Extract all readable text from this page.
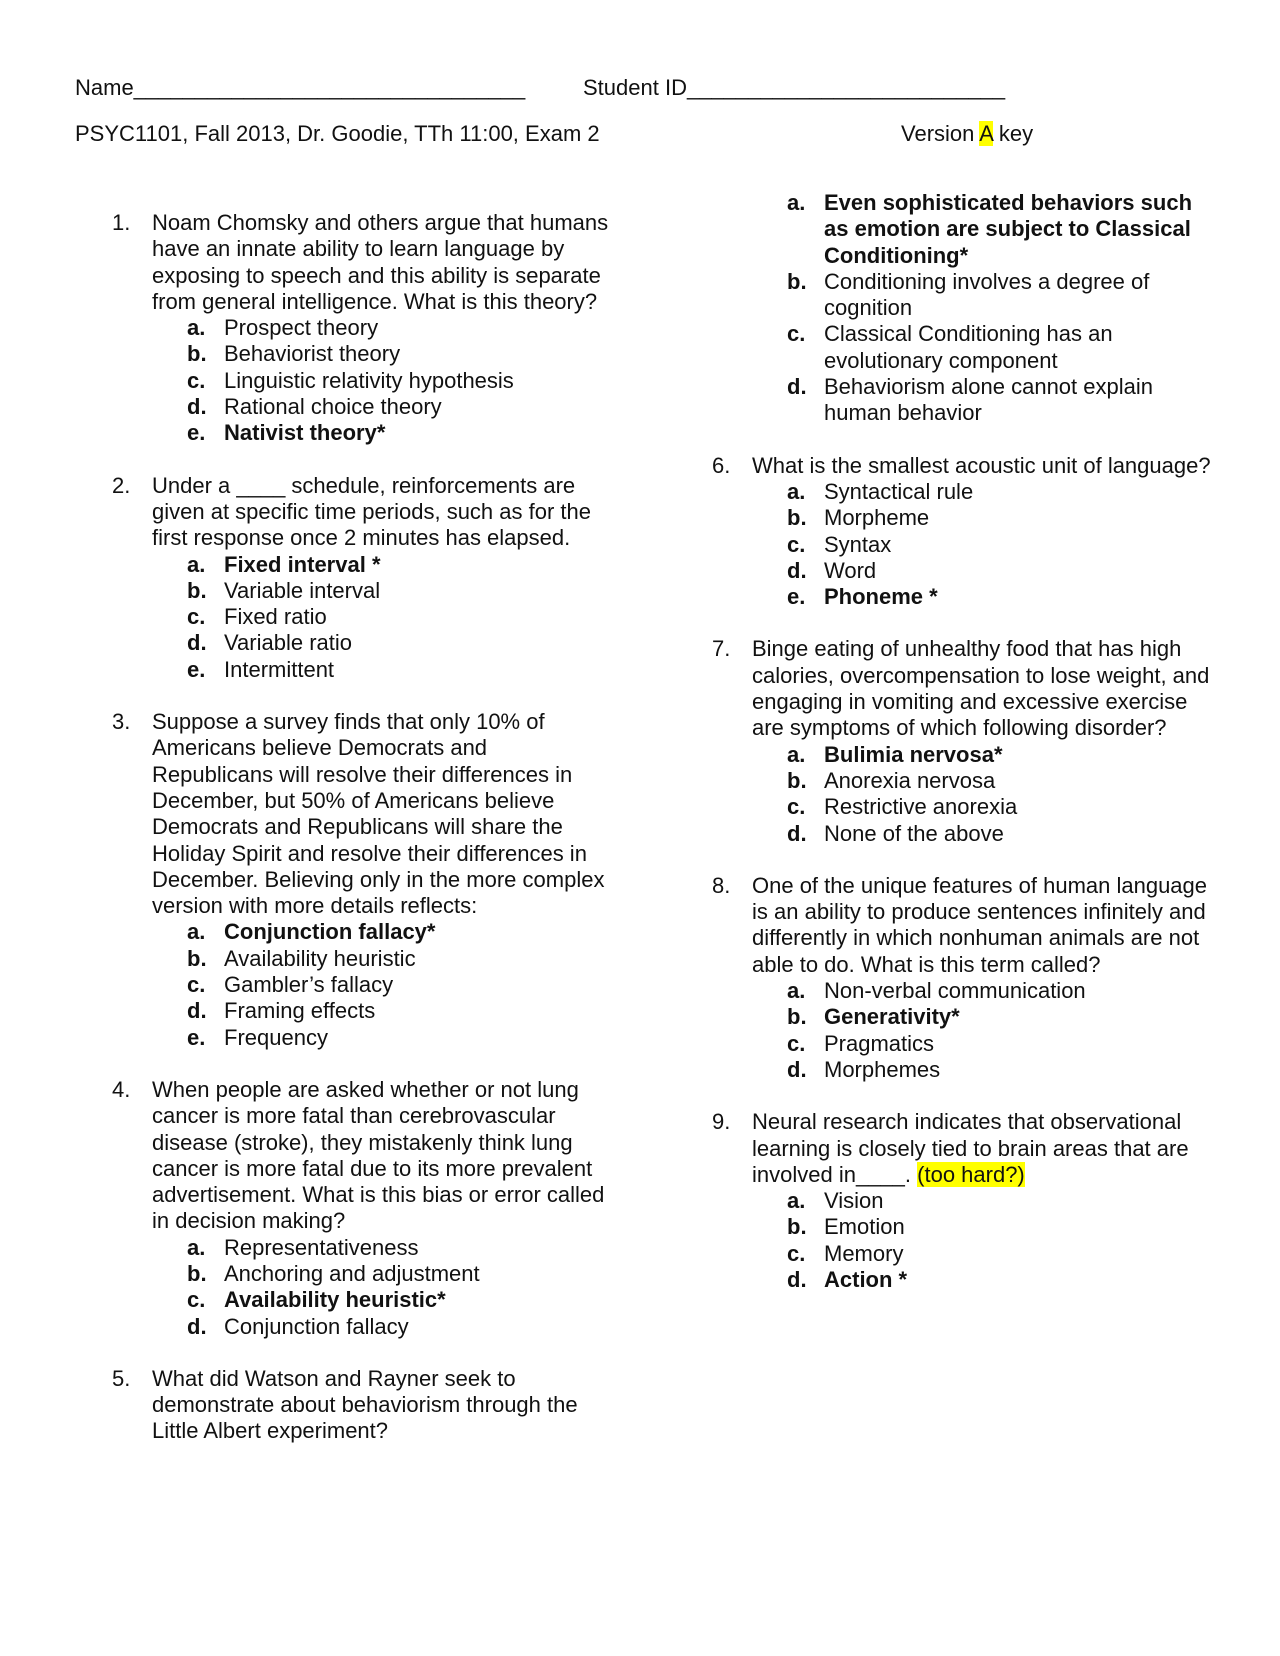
Name________________________________	Student ID__________________________
PSYC1101, Fall 2013, Dr. Goodie, TTh 11:00, Exam 2	Version A key
1. Noam Chomsky and others argue that humans have an innate ability to learn language by exposing to speech and this ability is separate from general intelligence. What is this theory?
a. Prospect theory
b. Behaviorist theory
c. Linguistic relativity hypothesis
d. Rational choice theory
e. Nativist theory*
2. Under a ____ schedule, reinforcements are given at specific time periods, such as for the first response once 2 minutes has elapsed.
a. Fixed interval *
b. Variable interval
c. Fixed ratio
d. Variable ratio
e. Intermittent
3. Suppose a survey finds that only 10% of Americans believe Democrats and Republicans will resolve their differences in December, but 50% of Americans believe Democrats and Republicans will share the Holiday Spirit and resolve their differences in December. Believing only in the more complex version with more details reflects:
a. Conjunction fallacy*
b. Availability heuristic
c. Gambler’s fallacy
d. Framing effects
e. Frequency
4. When people are asked whether or not lung cancer is more fatal than cerebrovascular disease (stroke), they mistakenly think lung cancer is more fatal due to its more prevalent advertisement. What is this bias or error called in decision making?
a. Representativeness
b. Anchoring and adjustment
c. Availability heuristic*
d. Conjunction fallacy
5. What did Watson and Rayner seek to demonstrate about behaviorism through the Little Albert experiment?
a. Even sophisticated behaviors such as emotion are subject to Classical Conditioning*
b. Conditioning involves a degree of cognition
c. Classical Conditioning has an evolutionary component
d. Behaviorism alone cannot explain human behavior
6. What is the smallest acoustic unit of language?
a. Syntactical rule
b. Morpheme
c. Syntax
d. Word
e. Phoneme *
7. Binge eating of unhealthy food that has high calories, overcompensation to lose weight, and engaging in vomiting and excessive exercise are symptoms of which following disorder?
a. Bulimia nervosa*
b. Anorexia nervosa
c. Restrictive anorexia
d. None of the above
8. One of the unique features of human language is an ability to produce sentences infinitely and differently in which nonhuman animals are not able to do. What is this term called?
a. Non-verbal communication
b. Generativity*
c. Pragmatics
d. Morphemes
9. Neural research indicates that observational learning is closely tied to brain areas that are involved in____. (too hard?)
a. Vision
b. Emotion
c. Memory
d. Action *
